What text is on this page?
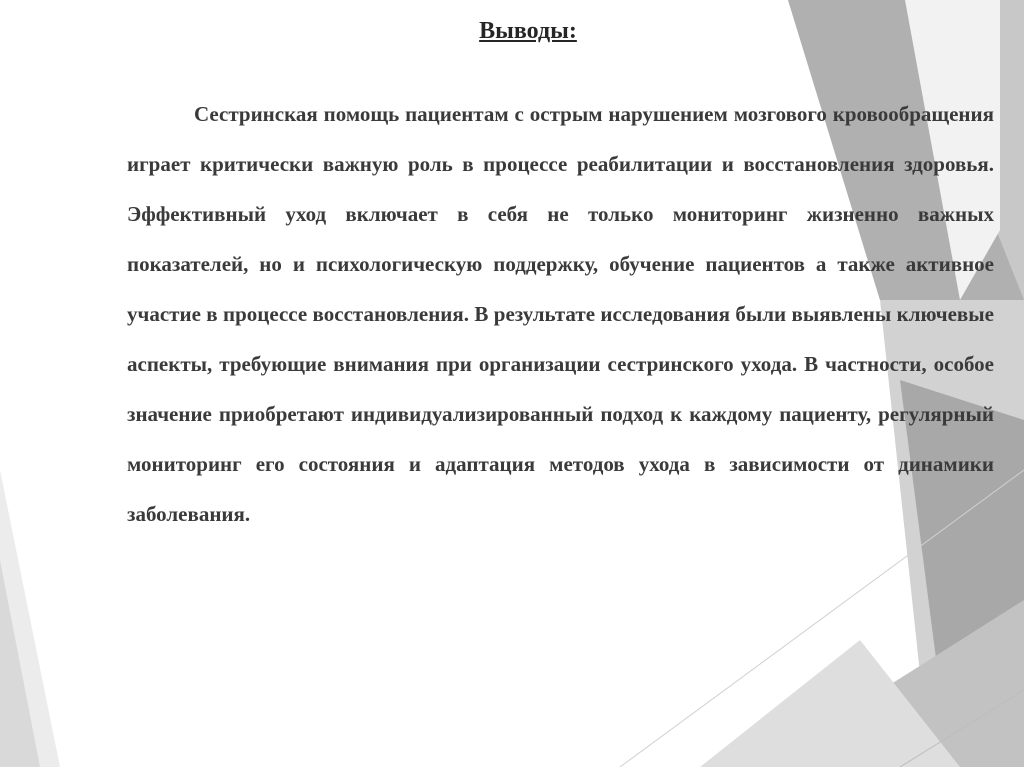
Выводы:

Сестринская помощь пациентам с острым нарушением мозгового кровообращения играет критически важную роль в процессе реабилитации и восстановления здоровья. Эффективный уход включает в себя не только мониторинг жизненно важных показателей, но и психологическую поддержку, обучение пациентов а также активное участие в процессе восстановления. В результате исследования были выявлены ключевые аспекты, требующие внимания при организации сестринского ухода. В частности, особое значение приобретают индивидуализированный подход к каждому пациенту, регулярный мониторинг его состояния и адаптация методов ухода в зависимости от динамики заболевания.
